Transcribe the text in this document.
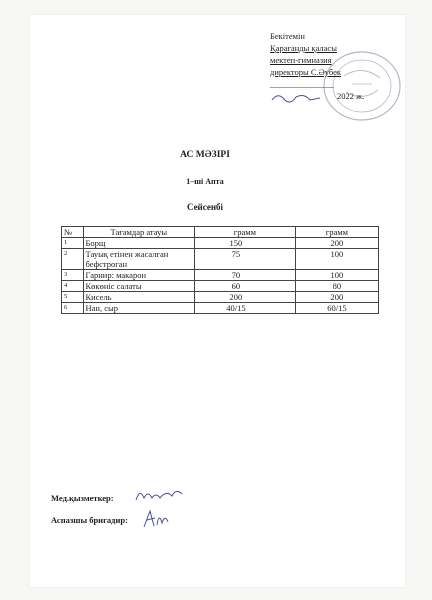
Бекітемін
Қарағанды қаласы
мектеп-гимназия
директоры С.Әубек
_______________
2022 ж.
АС МӘЗІРІ
1–ші Апта
Сейсенбі
№	Тағамдар атауы	грамм	грамм
1	Борщ	150	200
2	Тауық етінен жасалған бефстроган	75	100
3	Гарнир: макарон	70	100
4	Көкөніс салаты	60	80
5	Кисель	200	200
6	Нан, сыр	40/15	60/15
Мед.қызметкер:
Аспазшы бригадир:
